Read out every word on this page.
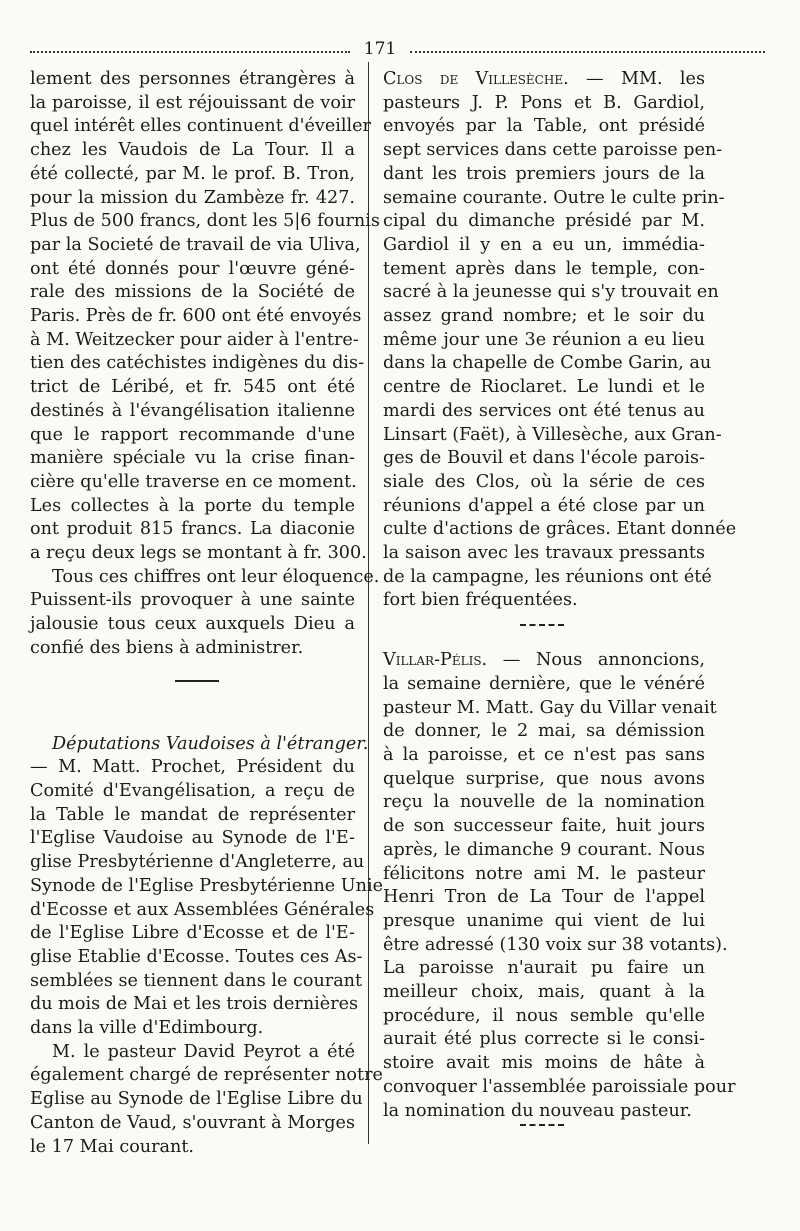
171

lement des personnes étrangères à
la paroisse, il est réjouissant de voir
quel intérêt elles continuent d'éveiller
chez les Vaudois de La Tour. Il a
été collecté, par M. le prof. B. Tron,
pour la mission du Zambèze fr. 427.
Plus de 500 francs, dont les 5|6 fournis
par la Societé de travail de via Uliva,
ont été donnés pour l'œuvre géné-
rale des missions de la Société de
Paris. Près de fr. 600 ont été envoyés
à M. Weitzecker pour aider à l'entre-
tien des catéchistes indigènes du dis-
trict de Léribé, et fr. 545 ont été
destinés à l'évangélisation italienne
que le rapport recommande d'une
manière spéciale vu la crise finan-
cière qu'elle traverse en ce moment.
Les collectes à la porte du temple
ont produit 815 francs. La diaconie
a reçu deux legs se montant à fr. 300.

Tous ces chiffres ont leur éloquence.
Puissent-ils provoquer à une sainte
jalousie tous ceux auxquels Dieu a
confié des biens à administrer.

Députations Vaudoises à l'étranger.
— M. Matt. Prochet, Président du
Comité d'Evangélisation, a reçu de
la Table le mandat de représenter
l'Eglise Vaudoise au Synode de l'E-
glise Presbytérienne d'Angleterre, au
Synode de l'Eglise Presbytérienne Unie
d'Ecosse et aux Assemblées Générales
de l'Eglise Libre d'Ecosse et de l'E-
glise Etablie d'Ecosse. Toutes ces As-
semblées se tiennent dans le courant
du mois de Mai et les trois dernières
dans la ville d'Edimbourg.

M. le pasteur David Peyrot a été
également chargé de représenter notre
Eglise au Synode de l'Eglise Libre du
Canton de Vaud, s'ouvrant à Morges
le 17 Mai courant.

Clos de Villesèche. — MM. les
pasteurs J. P. Pons et B. Gardiol,
envoyés par la Table, ont présidé
sept services dans cette paroisse pen-
dant les trois premiers jours de la
semaine courante. Outre le culte prin-
cipal du dimanche présidé par M.
Gardiol il y en a eu un, immédia-
tement après dans le temple, con-
sacré à la jeunesse qui s'y trouvait en
assez grand nombre; et le soir du
même jour une 3e réunion a eu lieu
dans la chapelle de Combe Garin, au
centre de Rioclaret. Le lundi et le
mardi des services ont été tenus au
Linsart (Faët), à Villesèche, aux Gran-
ges de Bouvil et dans l'école parois-
siale des Clos, où la série de ces
réunions d'appel a été close par un
culte d'actions de grâces. Etant donnée
la saison avec les travaux pressants
de la campagne, les réunions ont été
fort bien fréquentées.

Villar-Pélis. — Nous annoncions,
la semaine dernière, que le vénéré
pasteur M. Matt. Gay du Villar venait
de donner, le 2 mai, sa démission
à la paroisse, et ce n'est pas sans
quelque surprise, que nous avons
reçu la nouvelle de la nomination
de son successeur faite, huit jours
après, le dimanche 9 courant. Nous
félicitons notre ami M. le pasteur
Henri Tron de La Tour de l'appel
presque unanime qui vient de lui
être adressé (130 voix sur 38 votants).
La paroisse n'aurait pu faire un
meilleur choix, mais, quant à la
procédure, il nous semble qu'elle
aurait été plus correcte si le consi-
stoire avait mis moins de hâte à
convoquer l'assemblée paroissiale pour
la nomination du nouveau pasteur.
